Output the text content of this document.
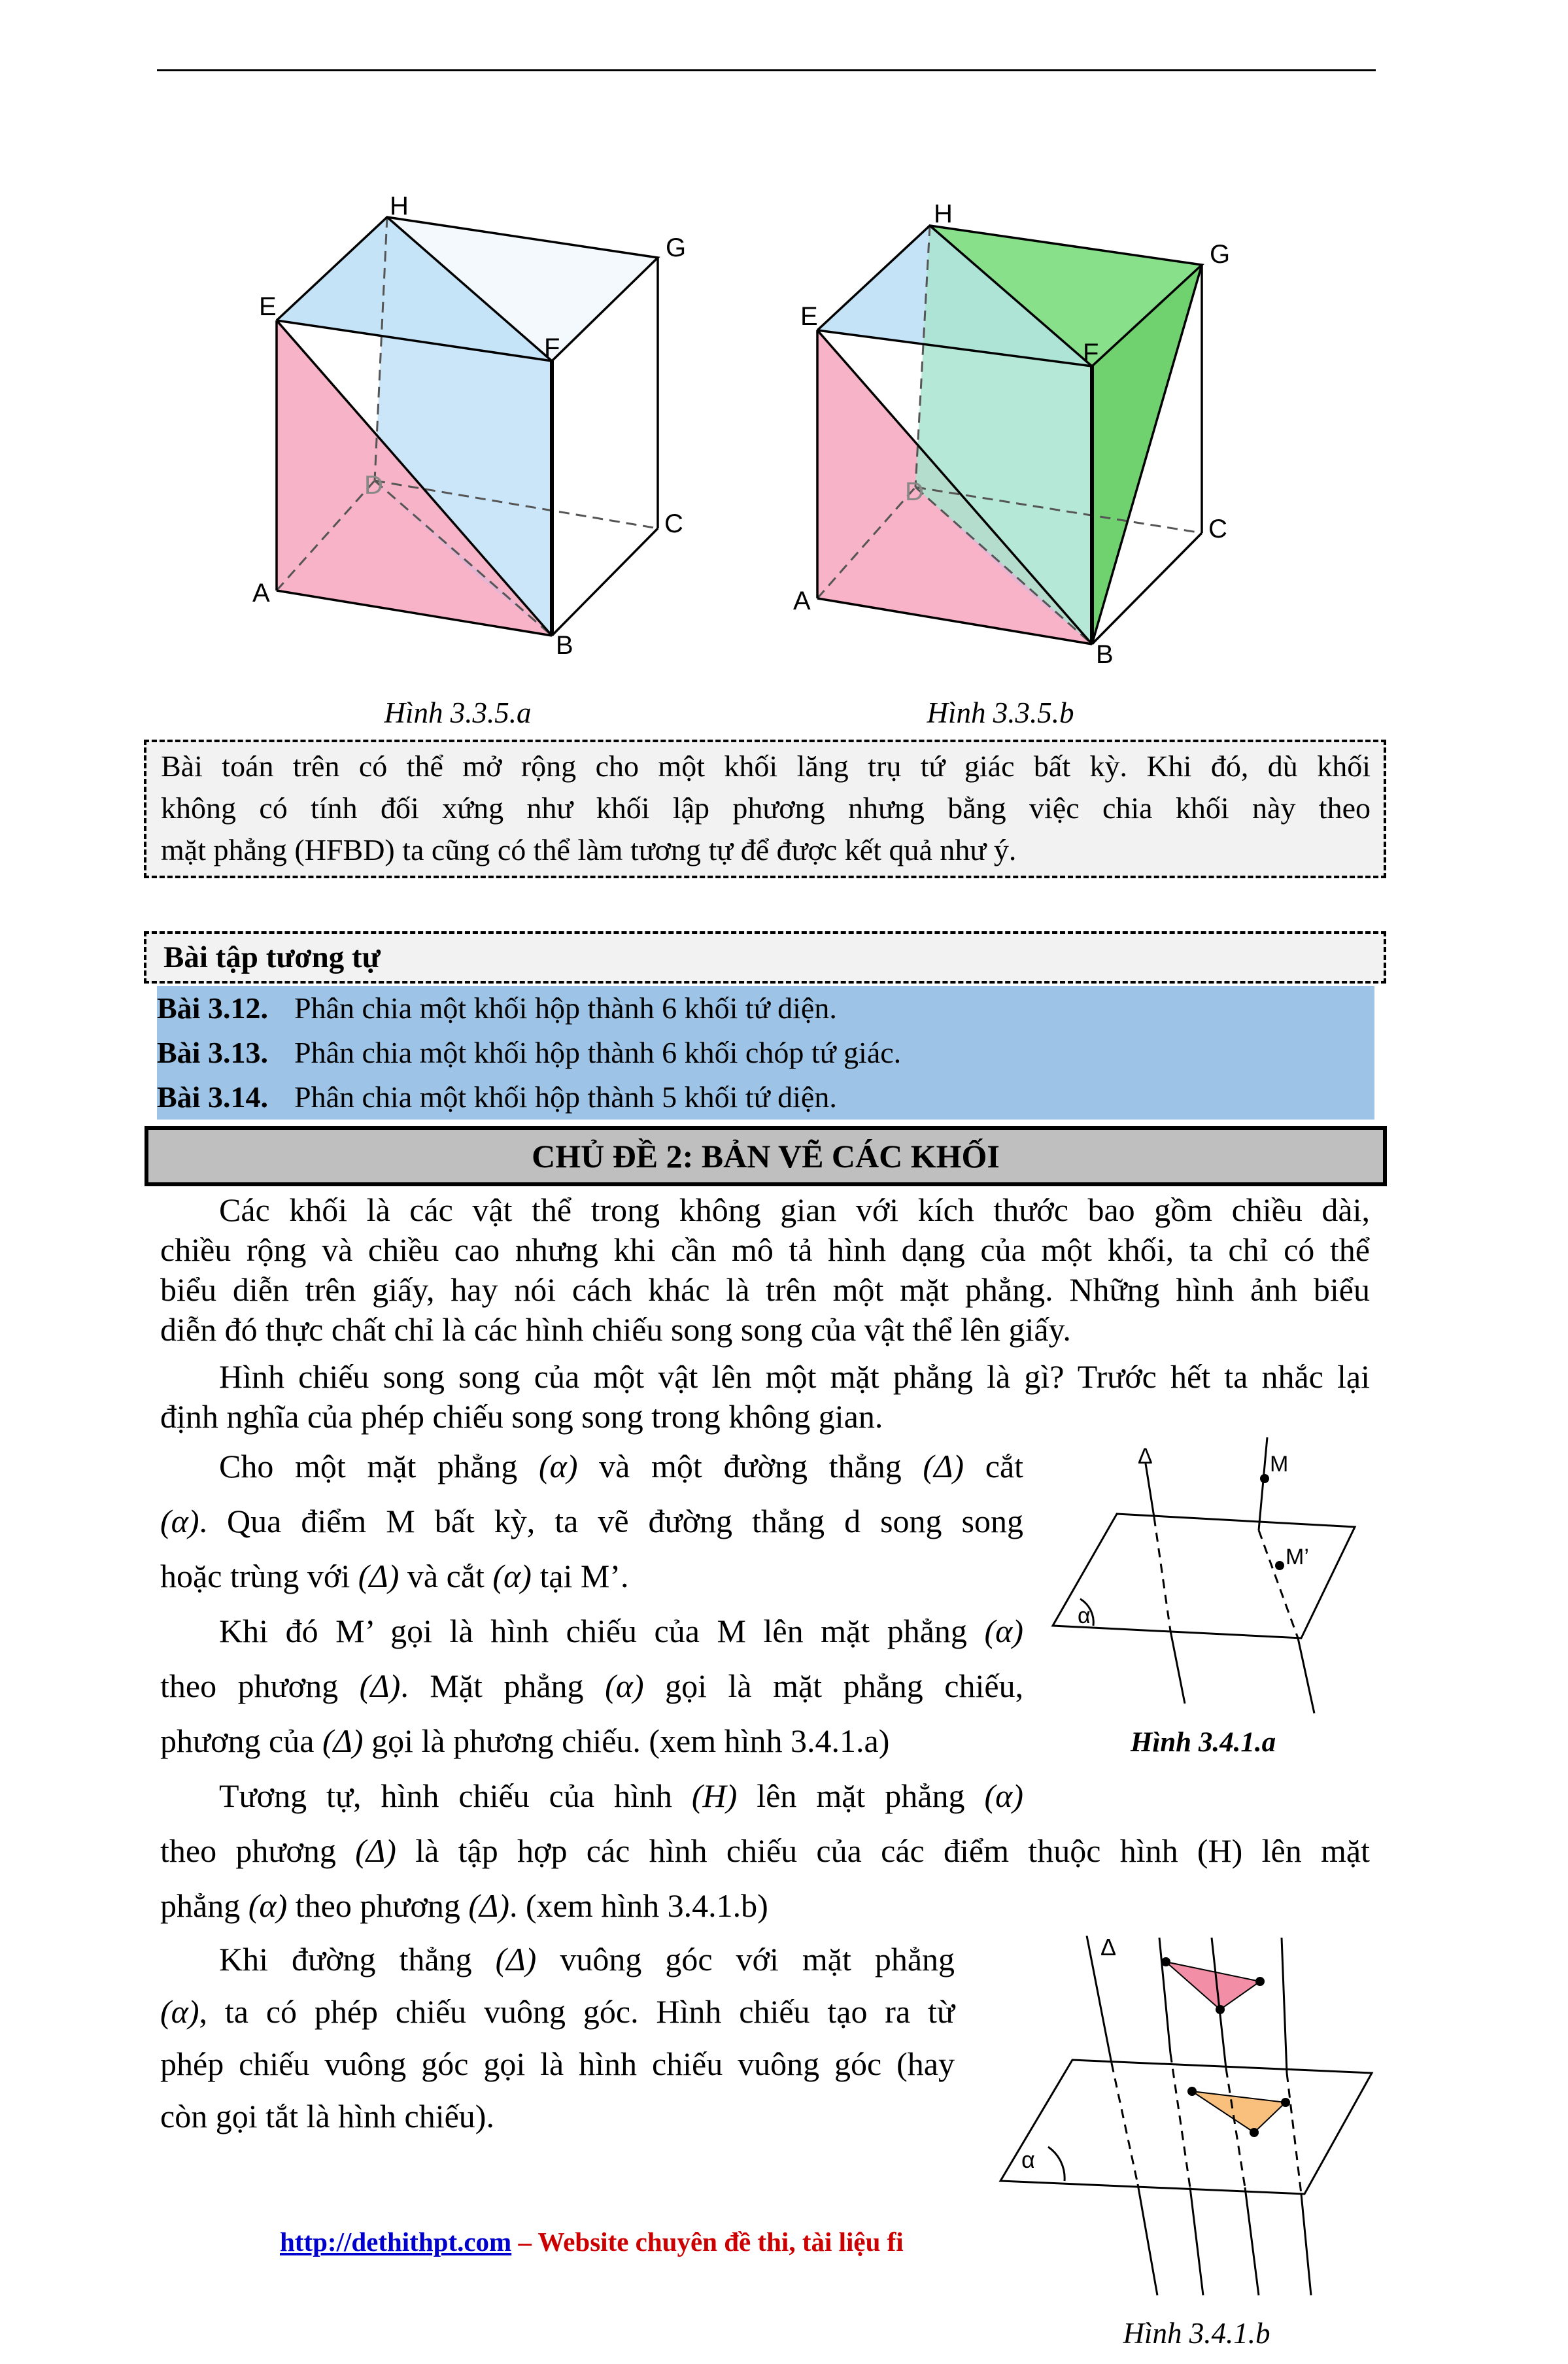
H
G
E
F
D
C
A
B
Hình 3.3.5.a
H
G
E
F
D
C
A
B
Hình 3.3.5.b
Bài toán trên có thể mở rộng cho một khối lăng trụ tứ giác bất kỳ. Khi đó, dù khối
không có tính đối xứng như khối lập phương nhưng bằng việc chia khối này theo
mặt phẳng (HFBD) ta cũng có thể làm tương tự để được kết quả như ý.
Bài tập tương tự
Bài 3.12. Phân chia một khối hộp thành 6 khối tứ diện.
Bài 3.13. Phân chia một khối hộp thành 6 khối chóp tứ giác.
Bài 3.14. Phân chia một khối hộp thành 5 khối tứ diện.
CHỦ ĐỀ 2: BẢN VẼ CÁC KHỐI

Các khối là các vật thể trong không gian với kích thước bao gồm chiều dài,

chiều rộng và chiều cao nhưng khi cần mô tả hình dạng của một khối, ta chỉ có thể

biểu diễn trên giấy, hay nói cách khác là trên một mặt phẳng. Những hình ảnh biểu

diễn đó thực chất chỉ là các hình chiếu song song của vật thể lên giấy.

Hình chiếu song song của một vật lên một mặt phẳng là gì? Trước hết ta nhắc lại

định nghĩa của phép chiếu song song trong không gian.

Cho một mặt phẳng (α) và một đường thẳng (Δ) cắt

(α). Qua điểm M bất kỳ, ta vẽ đường thẳng d song song

hoặc trùng với (Δ) và cắt (α) tại M’.

Khi đó M’ gọi là hình chiếu của M lên mặt phẳng (α)

theo phương (Δ). Mặt phẳng (α) gọi là mặt phẳng chiếu,

phương của (Δ) gọi là phương chiếu. (xem hình 3.4.1.a)

Tương tự, hình chiếu của hình (H) lên mặt phẳng (α)

theo phương (Δ) là tập hợp các hình chiếu của các điểm thuộc hình (H) lên mặt

phẳng (α) theo phương (Δ). (xem hình 3.4.1.b)

Khi đường thẳng (Δ) vuông góc với mặt phẳng

(α), ta có phép chiếu vuông góc. Hình chiếu tạo ra từ

phép chiếu vuông góc gọi là hình chiếu vuông góc (hay

còn gọi tắt là hình chiếu).

Δ	M
M’
α
Hình 3.4.1.a
Δ
α
Hình 3.4.1.b
http://dethithpt.com – Website chuyên đề thi, tài liệu fi
